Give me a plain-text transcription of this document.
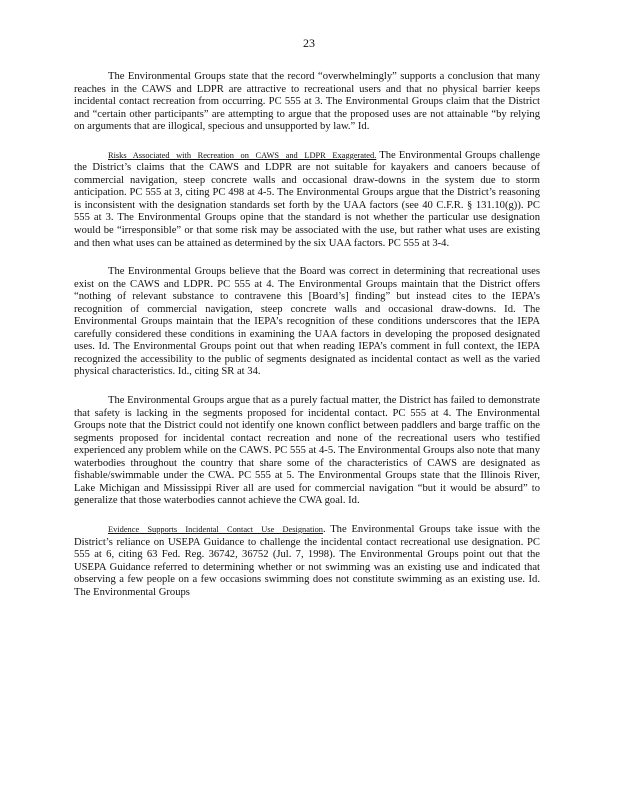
23

The Environmental Groups state that the record “overwhelmingly” supports a conclusion that many reaches in the CAWS and LDPR are attractive to recreational users and that no physical barrier keeps incidental contact recreation from occurring. PC 555 at 3. The Environmental Groups claim that the District and “certain other participants” are attempting to argue that the proposed uses are not attainable “by relying on arguments that are illogical, specious and unsupported by law.” Id.

Risks Associated with Recreation on CAWS and LDPR Exaggerated. The Environmental Groups challenge the District’s claims that the CAWS and LDPR are not suitable for kayakers and canoers because of commercial navigation, steep concrete walls and occasional draw-downs in the system due to storm anticipation. PC 555 at 3, citing PC 498 at 4-5. The Environmental Groups argue that the District’s reasoning is inconsistent with the designation standards set forth by the UAA factors (see 40 C.F.R. § 131.10(g)). PC 555 at 3. The Environmental Groups opine that the standard is not whether the particular use designation would be “irresponsible” or that some risk may be associated with the use, but rather what uses are existing and then what uses can be attained as determined by the six UAA factors. PC 555 at 3-4.

The Environmental Groups believe that the Board was correct in determining that recreational uses exist on the CAWS and LDPR. PC 555 at 4. The Environmental Groups maintain that the District offers “nothing of relevant substance to contravene this [Board’s] finding” but instead cites to the IEPA’s recognition of commercial navigation, steep concrete walls and occasional draw-downs. Id. The Environmental Groups maintain that the IEPA’s recognition of these conditions underscores that the IEPA carefully considered these conditions in examining the UAA factors in developing the proposed designated uses. Id. The Environmental Groups point out that when reading IEPA’s comment in full context, the IEPA recognized the accessibility to the public of segments designated as incidental contact as well as the varied physical characteristics. Id., citing SR at 34.

The Environmental Groups argue that as a purely factual matter, the District has failed to demonstrate that safety is lacking in the segments proposed for incidental contact. PC 555 at 4. The Environmental Groups note that the District could not identify one known conflict between paddlers and barge traffic on the segments proposed for incidental contact recreation and none of the recreational users who testified experienced any problem while on the CAWS. PC 555 at 4-5. The Environmental Groups also note that many waterbodies throughout the country that share some of the characteristics of CAWS are designated as fishable/swimmable under the CWA. PC 555 at 5. The Environmental Groups state that the Illinois River, Lake Michigan and Mississippi River all are used for commercial navigation “but it would be absurd” to generalize that those waterbodies cannot achieve the CWA goal. Id.

Evidence Supports Incidental Contact Use Designation. The Environmental Groups take issue with the District’s reliance on USEPA Guidance to challenge the incidental contact recreational use designation. PC 555 at 6, citing 63 Fed. Reg. 36742, 36752 (Jul. 7, 1998). The Environmental Groups point out that the USEPA Guidance referred to determining whether or not swimming was an existing use and indicated that observing a few people on a few occasions swimming does not constitute swimming as an existing use. Id. The Environmental Groups
